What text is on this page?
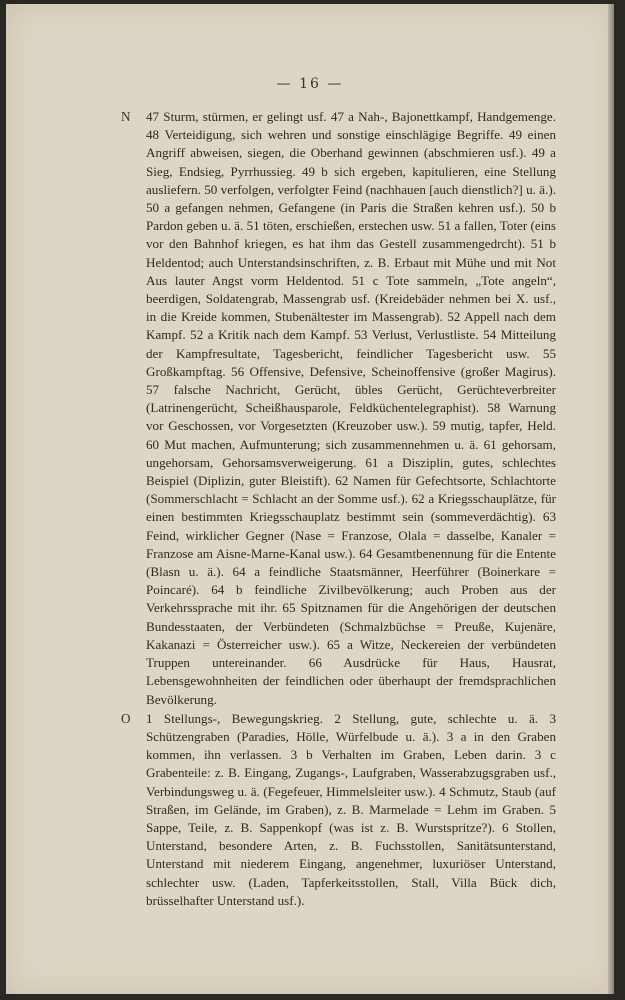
— 16 —

N 47 Sturm, stürmen, er gelingt usf. 47 a Nah-, Bajonettkampf, Handgemenge. 48 Verteidigung, sich wehren und sonstige einschlägige Begriffe. 49 einen Angriff abweisen, siegen, die Oberhand gewinnen (abschmieren usf.). 49 a Sieg, Endsieg, Pyrrhussieg. 49 b sich ergeben, kapitulieren, eine Stellung ausliefern. 50 verfolgen, verfolgter Feind (nachhauen [auch dienstlich?] u. ä.). 50 a gefangen nehmen, Gefangene (in Paris die Straßen kehren usf.). 50 b Pardon geben u. ä. 51 töten, erschießen, erstechen usw. 51 a fallen, Toter (eins vor den Bahnhof kriegen, es hat ihm das Gestell zusammengedrcht). 51 b Heldentod; auch Unterstandsinschriften, z. B. Erbaut mit Mühe und mit Not Aus lauter Angst vorm Heldentod. 51 c Tote sammeln, „Tote angeln“, beerdigen, Soldatengrab, Massengrab usf. (Kreidebäder nehmen bei X. usf., in die Kreide kommen, Stubenältester im Massengrab). 52 Appell nach dem Kampf. 52 a Kritik nach dem Kampf. 53 Verlust, Verlustliste. 54 Mitteilung der Kampfresultate, Tagesbericht, feindlicher Tagesbericht usw. 55 Großkampftag. 56 Offensive, Defensive, Scheinoffensive (großer Magirus). 57 falsche Nachricht, Gerücht, übles Gerücht, Gerüchteverbreiter (Latrinengerücht, Scheißhausparole, Feldküchentelegraphist). 58 Warnung vor Geschossen, vor Vorgesetzten (Kreuzober usw.). 59 mutig, tapfer, Held. 60 Mut machen, Aufmunterung; sich zusammennehmen u. ä. 61 gehorsam, ungehorsam, Gehorsamsverweigerung. 61 a Disziplin, gutes, schlechtes Beispiel (Diplizin, guter Bleistift). 62 Namen für Gefechtsorte, Schlachtorte (Sommerschlacht = Schlacht an der Somme usf.). 62 a Kriegsschauplätze, für einen bestimmten Kriegsschauplatz bestimmt sein (sommeverdächtig). 63 Feind, wirklicher Gegner (Nase = Franzose, Olala = dasselbe, Kanaler = Franzose am Aisne-Marne-Kanal usw.). 64 Gesamtbenennung für die Entente (Blasn u. ä.). 64 a feindliche Staatsmänner, Heerführer (Boinerkare = Poincaré). 64 b feindliche Zivilbevölkerung; auch Proben aus der Verkehrssprache mit ihr. 65 Spitznamen für die Angehörigen der deutschen Bundesstaaten, der Verbündeten (Schmalzbüchse = Preuße, Kujenäre, Kakanazi = Österreicher usw.). 65 a Witze, Neckereien der verbündeten Truppen untereinander. 66 Ausdrücke für Haus, Hausrat, Lebensgewohnheiten der feindlichen oder überhaupt der fremdsprachlichen Bevölkerung.

O 1 Stellungs-, Bewegungskrieg. 2 Stellung, gute, schlechte u. ä. 3 Schützengraben (Paradies, Hölle, Würfelbude u. ä.). 3 a in den Graben kommen, ihn verlassen. 3 b Verhalten im Graben, Leben darin. 3 c Grabenteile: z. B. Eingang, Zugangs-, Laufgraben, Wasserabzugsgraben usf., Verbindungsweg u. ä. (Fegefeuer, Himmelsleiter usw.). 4 Schmutz, Staub (auf Straßen, im Gelände, im Graben), z. B. Marmelade = Lehm im Graben. 5 Sappe, Teile, z. B. Sappenkopf (was ist z. B. Wurstspritze?). 6 Stollen, Unterstand, besondere Arten, z. B. Fuchsstollen, Sanitätsunterstand, Unterstand mit niederem Eingang, angenehmer, luxuriöser Unterstand, schlechter usw. (Laden, Tapferkeitsstollen, Stall, Villa Bück dich, brüsselhafter Unterstand usf.).
